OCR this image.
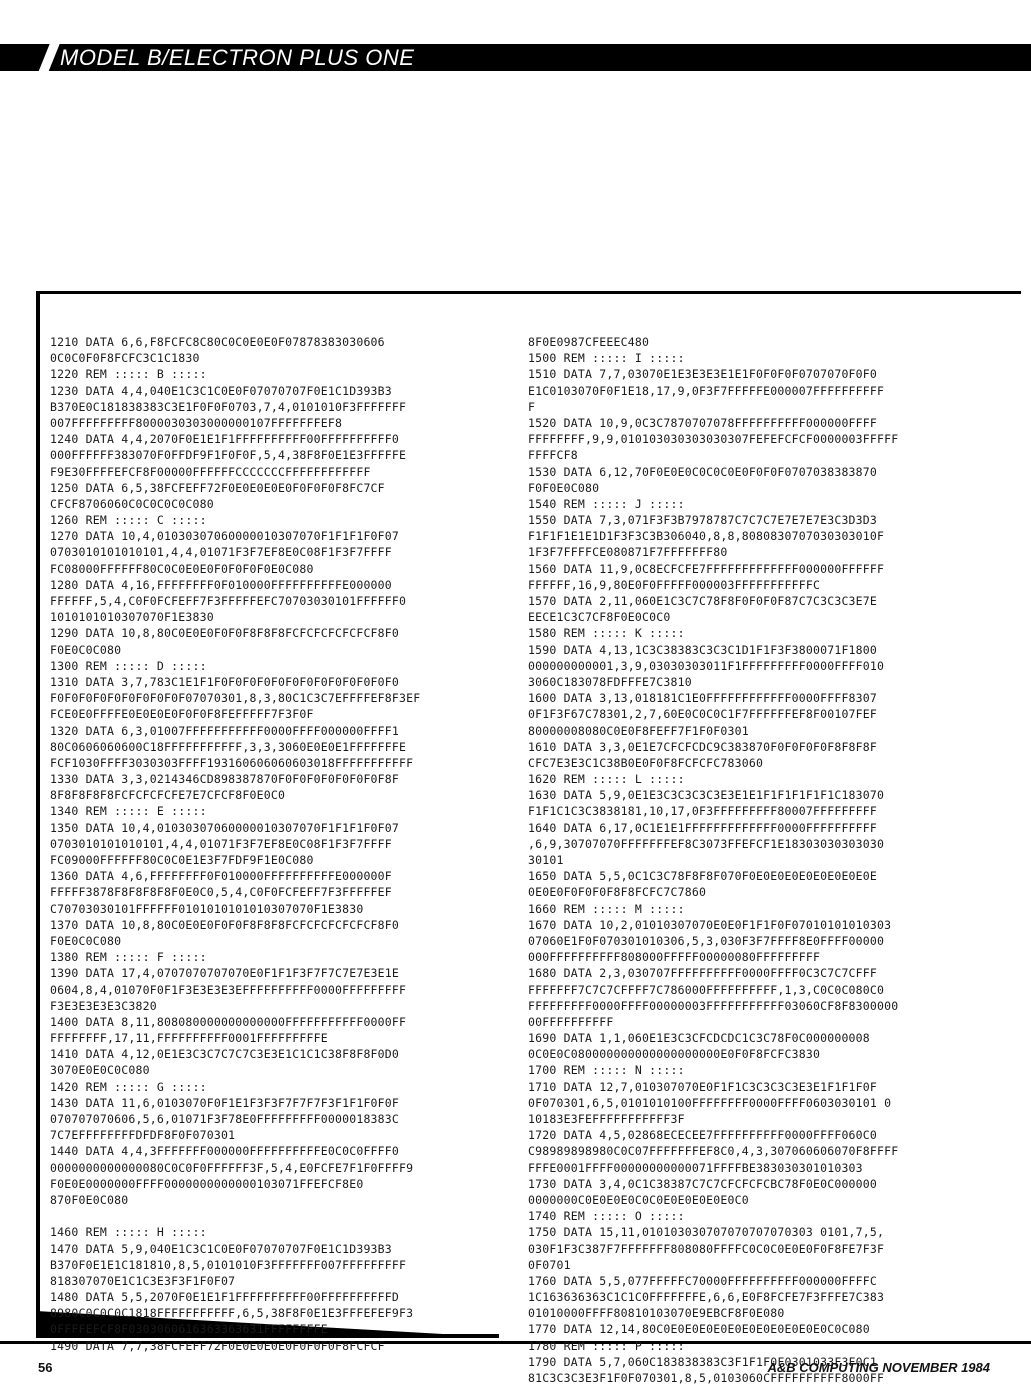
MODEL B/ELECTRON PLUS ONE
1210 DATA 6,6,F8FCFC8C80C0C0E0E0F07878383030606
0C0C0F0F8FCFC3C1C1830
1220 REM ::::: B :::::
1230 DATA 4,4,040E1C3C1C0E0F07070707F0E1C1D393B3
B370E0C181838383C3E1F0F0F0703,7,4,0101010F3FFFFFFF
007FFFFFFFFF8000030303000000107FFFFFFFEF8
1240 DATA 4,4,2070F0E1E1F1FFFFFFFFFF00FFFFFFFFFF0
000FFFFFF383070F0FFDF9F1F0F0F,5,4,38F8F0E1E3FFFFFE
F9E30FFFFEFCF8F00000FFFFFFCCCCCCCFFFFFFFFFFFF
1250 DATA 6,5,38FCFEFF72F0E0E0E0E0F0F0F0F8FC7CF
CFCF8706060C0C0C0C0C080
1260 REM ::::: C :::::
1270 DATA 10,4,01030307060000010307070F1F1F1F0F07
0703010101010101,4,4,01071F3F7EF8E0C08F1F3F7FFFF
FC08000FFFFFF80C0C0E0E0F0F0F0F0E0C080
1280 DATA 4,16,FFFFFFFF0F010000FFFFFFFFFFE000000
FFFFFF,5,4,C0F0FCFEFF7F3FFFFFEFC70703030101FFFFFF0
1010101010307070F1E3830
1290 DATA 10,8,80C0E0E0F0F0F8F8F8FCFCFCFCFCFCF8F0
F0E0C0C080
1300 REM ::::: D :::::
1310 DATA 3,7,783C1E1F1F0F0F0F0F0F0F0F0F0F0F0F0F0
F0F0F0F0F0F0F0F0F0F07070301,8,3,80C1C3C7EFFFFEF8F3EF
FCE0E0FFFFE0E0E0E0F0F0F8FEFFFFF7F3F0F
1320 DATA 6,3,01007FFFFFFFFFFF0000FFFF000000FFFF1
80C0606060600C18FFFFFFFFFFF,3,3,3060E0E0E1FFFFFFFE
FCF1030FFFF3030303FFFF193160606060603018FFFFFFFFFFF
1330 DATA 3,3,0214346CD898387870F0F0F0F0F0F0F0F8F
8F8F8F8F8FCFCFCFCFE7E7CFCF8F0E0C0
1340 REM ::::: E :::::
1350 DATA 10,4,01030307060000010307070F1F1F1F0F07
0703010101010101,4,4,01071F3F7EF8E0C08F1F3F7FFFF
FC09000FFFFFF80C0C0E1E3F7FDF9F1E0C080
1360 DATA 4,6,FFFFFFFF0F010000FFFFFFFFFFE000000F
FFFFF3878F8F8F8F8F0E0C0,5,4,C0F0FCFEFF7F3FFFFFEF
C70703030101FFFFFF0101010101010307070F1E3830
1370 DATA 10,8,80C0E0E0F0F0F8F8F8FCFCFCFCFCFCF8F0
F0E0C0C080
1380 REM ::::: F :::::
1390 DATA 17,4,0707070707070E0F1F1F3F7F7C7E7E3E1E
0604,8,4,01070F0F1F3E3E3E3EFFFFFFFFFF0000FFFFFFFFF
F3E3E3E3E3C3820
1400 DATA 8,11,808080000000000000FFFFFFFFFFF0000FF
FFFFFFFF,17,11,FFFFFFFFFF0001FFFFFFFFFE
1410 DATA 4,12,0E1E3C3C7C7C7C3E3E1C1C1C38F8F8F0D0
3070E0E0C0C080
1420 REM ::::: G :::::
1430 DATA 11,6,0103070F0F1E1F3F3F7F7F7F3F1F1F0F0F
070707070606,5,6,01071F3F78E0FFFFFFFFF0000018383C
7C7EFFFFFFFFDFDF8F0F070301
1440 DATA 4,4,3FFFFFFF000000FFFFFFFFFFE0C0C0FFFF0
0000000000000080C0C0F0FFFFFF3F,5,4,E0FCFE7F1F0FFFF9
F0E0E0000000FFFF0000000000000103071FFEFCF8E0
870F0E0C080
1460 REM ::::: H :::::
1470 DATA 5,9,040E1C3C1C0E0F07070707F0E1C1D393B3
B370F0E1E1C181810,8,5,0101010F3FFFFFFF007FFFFFFFFF
818307070E1C1C3E3F3F1F0F07
1480 DATA 5,5,2070F0E1E1F1FFFFFFFFFF00FFFFFFFFFFD
8980C0C0C0C1818FFFFFFFFFFF,6,5,38F8F0E1E3FFFEFEF9F3
0FFFFEFCF8F0303060616363363631FFFFFFFFE
1490 DATA 7,7,38FCFEFF72F0E0E0E0E0F0F0F0F8FCFCF
8F0E0987CFEEEC480
1500 REM ::::: I :::::
1510 DATA 7,7,03070E1E3E3E3E1E1F0F0F0F0707070F0F0
E1C0103070F0F1E18,17,9,0F3F7FFFFFE000007FFFFFFFFFF
F
1520 DATA 10,9,0C3C7870707078FFFFFFFFFF000000FFFF
FFFFFFFF,9,9,010103030303030307FEFEFCFCF0000003FFFFF
FFFFCF8
1530 DATA 6,12,70F0E0E0C0C0C0E0F0F0F0707038383870
F0F0E0C080
1540 REM ::::: J :::::
1550 DATA 7,3,071F3F3B7978787C7C7C7E7E7E7E3C3D3D3
F1F1F1E1E1D1F3F3C3B306040,8,8,8080830707030303010F
1F3F7FFFFCE080871F7FFFFFFF80
1560 DATA 11,9,0C8ECFCFE7FFFFFFFFFFFFF000000FFFFFF
FFFFFF,16,9,80E0F0FFFFF000003FFFFFFFFFFFC
1570 DATA 2,11,060E1C3C7C78F8F0F0F0F87C7C3C3C3E7E
EECE1C3C7CF8F0E0C0C0
1580 REM ::::: K :::::
1590 DATA 4,13,1C3C38383C3C3C1D1F1F3F3800071F1800
000000000001,3,9,03030303011F1FFFFFFFFF0000FFFF010
3060C183078FDFFFE7C3810
1600 DATA 3,13,018181C1E0FFFFFFFFFFFF0000FFFF8307
0F1F3F67C78301,2,7,60E0C0C0C1F7FFFFFFEF8F00107FEF
80000008080C0E0F8FEFF7F1F0F0301
1610 DATA 3,3,0E1E7CFCFCDC9C383870F0F0F0F0F8F8F8F
CFC7E3E3C1C38B0E0F0F8FCFCFC783060
1620 REM ::::: L :::::
1630 DATA 5,9,0E1E3C3C3C3C3E3E1E1F1F1F1F1F1C183070
F1F1C1C3C3838181,10,17,0F3FFFFFFFFF80007FFFFFFFFF
1640 DATA 6,17,0C1E1E1FFFFFFFFFFFFF0000FFFFFFFFFF
,6,9,30707070FFFFFFFEF8C3073FFEFCF1E18303030303030
30101
1650 DATA 5,5,0C1C3C78F8F8F070F0E0E0E0E0E0E0E0E0E
0E0E0F0F0F0F8F8FCFC7C7860
1660 REM ::::: M :::::
1670 DATA 10,2,01010307070E0E0F1F1F0F07010101010303
07060E1F0F070301010306,5,3,030F3F7FFFF8E0FFFF00000
000FFFFFFFFFF808000FFFFF00000080FFFFFFFFF
1680 DATA 2,3,030707FFFFFFFFFF0000FFFF0C3C7C7CFFF
FFFFFFF7C7C7CFFFF7C786000FFFFFFFFFF,1,3,C0C0C080C0
FFFFFFFFF0000FFFF00000003FFFFFFFFFFF03060CF8F8300000
00FFFFFFFFFF
1690 DATA 1,1,060E1E3C3CFCDCDC1C3C78F0C000000008
0C0E0C080000000000000000000E0F0F8FCFC3830
1700 REM ::::: N :::::
1710 DATA 12,7,010307070E0F1F1C3C3C3C3E3E1F1F1F0F
0F070301,6,5,0101010100FFFFFFFF0000FFFF0603030101 0
10183E3FEFFFFFFFFFFF3F
1720 DATA 4,5,02868ECECEE7FFFFFFFFFF0000FFFF060C0
C98989898980C0C07FFFFFFFEF8C0,4,3,307060606070F8FFFF
FFFE0001FFFF00000000000071FFFFBE383030301010303
1730 DATA 3,4,0C1C38387C7C7CFCFCFCBC78F0E0C000000
0000000C0E0E0E0C0C0E0E0E0E0E0C0
1740 REM ::::: O :::::
1750 DATA 15,11,010103030707070707070303 0101,7,5,
030F1F3C387F7FFFFFFF808080FFFFC0C0C0E0E0F0F8FE7F3F
0F0701
1760 DATA 5,5,077FFFFFC70000FFFFFFFFFF000000FFFFC
1C163636363C1C1C0FFFFFFFE,6,6,E0F8FCFE7F3FFFE7C383
01010000FFFF80810103070E9EBCF8F0E080
1770 DATA 12,14,80C0E0E0E0E0E0E0E0E0E0E0E0C0C080
1780 REM ::::: P :::::
1790 DATA 5,7,060C183838383C3F1F1F0F0301033F3F0C1
81C3C3C3E3F1F0F070301,8,5,0103060CFFFFFFFFFF8000FF
56	A&B COMPUTING NOVEMBER 1984
